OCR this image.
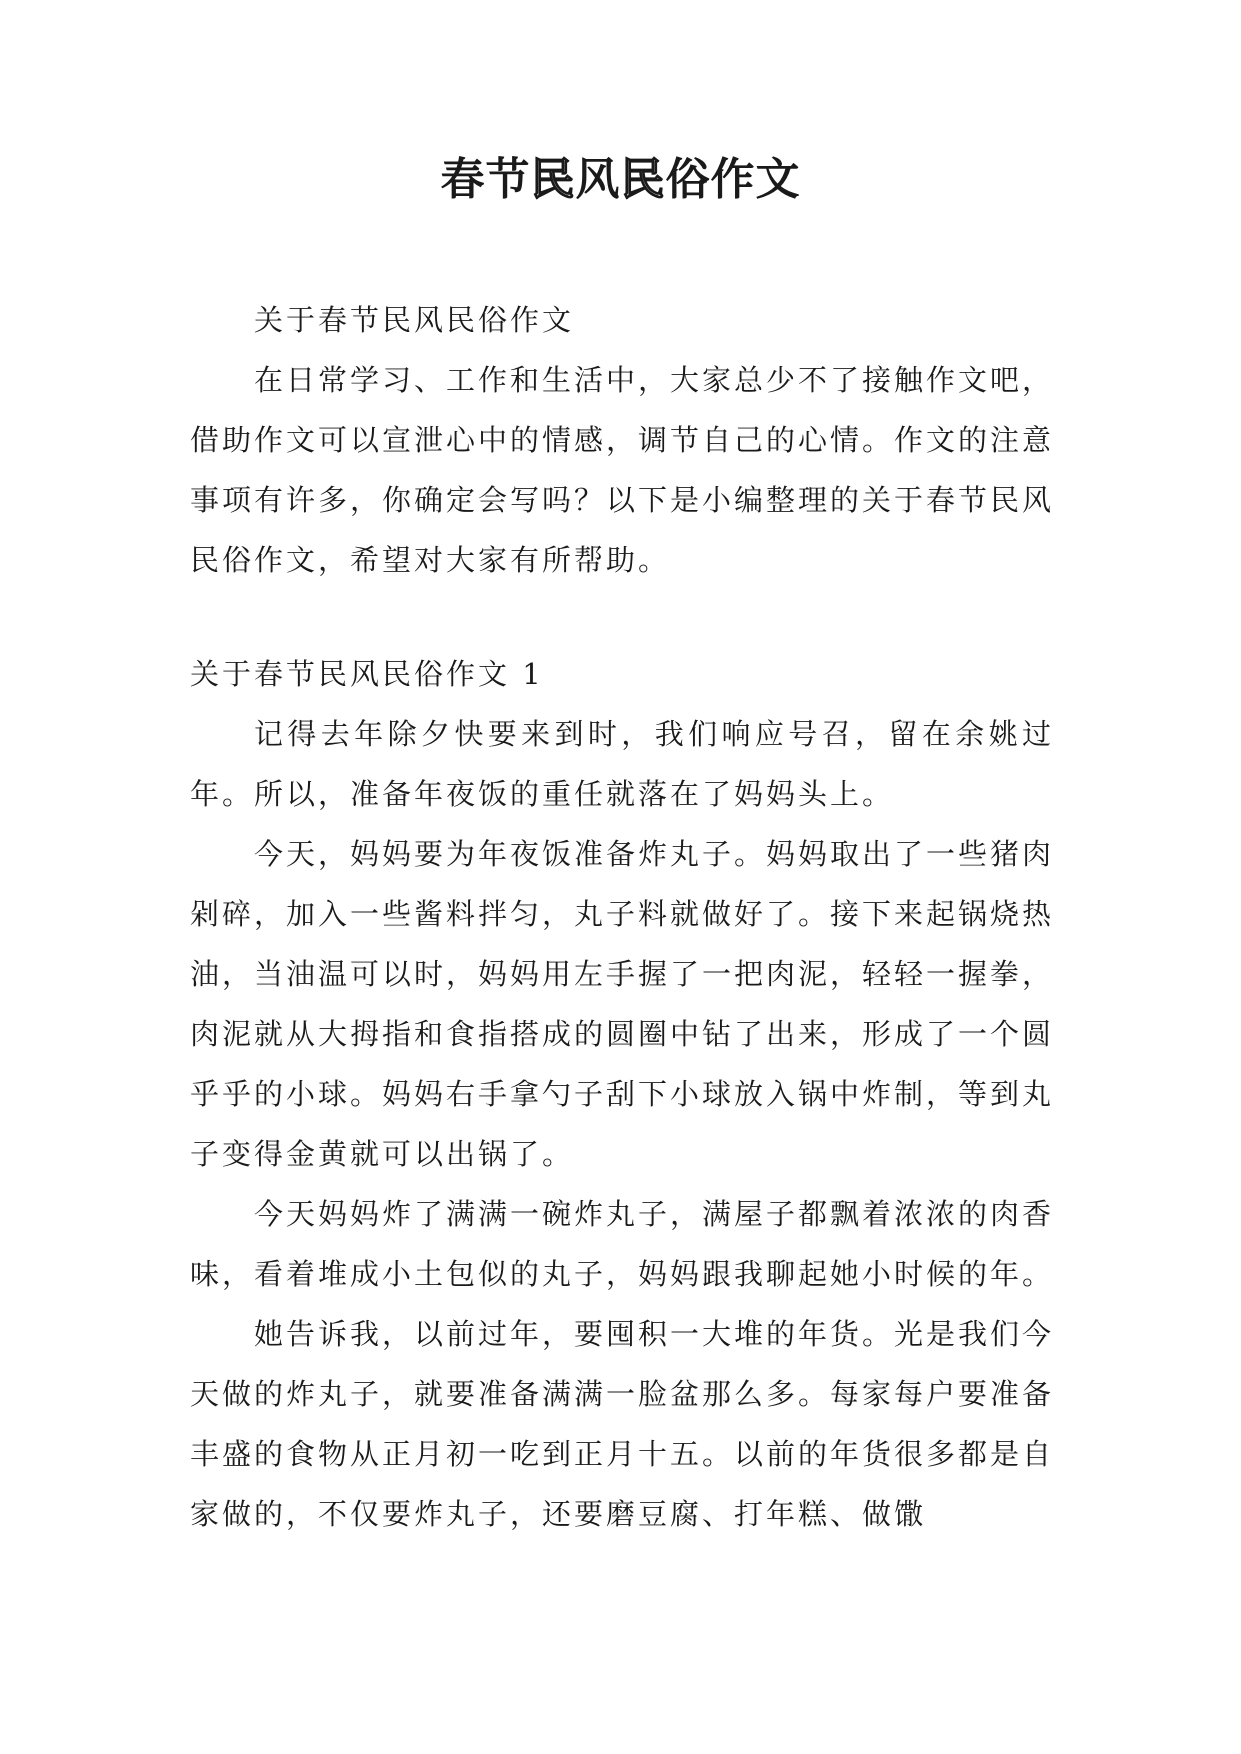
春节民风民俗作文

关于春节民风民俗作文

在日常学习、工作和生活中，大家总少不了接触作文吧，借助作文可以宣泄心中的情感，调节自己的心情。作文的注意事项有许多，你确定会写吗？以下是小编整理的关于春节民风民俗作文，希望对大家有所帮助。

关于春节民风民俗作文 1

记得去年除夕快要来到时，我们响应号召，留在余姚过年。所以，准备年夜饭的重任就落在了妈妈头上。

今天，妈妈要为年夜饭准备炸丸子。妈妈取出了一些猪肉剁碎，加入一些酱料拌匀，丸子料就做好了。接下来起锅烧热油，当油温可以时，妈妈用左手握了一把肉泥，轻轻一握拳，肉泥就从大拇指和食指搭成的圆圈中钻了出来，形成了一个圆乎乎的小球。妈妈右手拿勺子刮下小球放入锅中炸制，等到丸子变得金黄就可以出锅了。

今天妈妈炸了满满一碗炸丸子，满屋子都飘着浓浓的肉香味，看着堆成小土包似的丸子，妈妈跟我聊起她小时候的年。

她告诉我，以前过年，要囤积一大堆的年货。光是我们今天做的炸丸子，就要准备满满一脸盆那么多。每家每户要准备丰盛的食物从正月初一吃到正月十五。以前的年货很多都是自家做的，不仅要炸丸子，还要磨豆腐、打年糕、做馓
